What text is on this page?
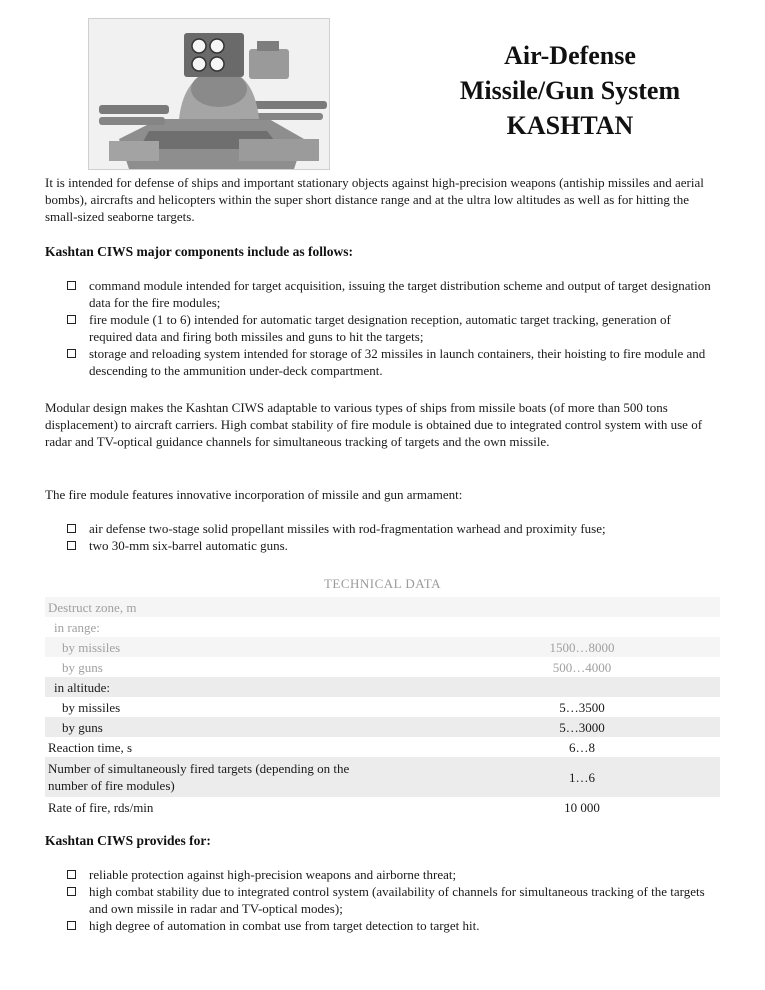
Air-Defense
Missile/Gun System
KASHTAN

It is intended for defense of ships and important stationary objects against high-precision weapons (antiship missiles and aerial bombs), aircrafts and helicopters within the super short distance range and at the ultra low altitudes as well as for hitting the small-sized seaborne targets.

Kashtan CIWS major components include as follows:

command module intended for target acquisition, issuing the target distribution scheme and output of target designation data for the fire modules;
fire module (1 to 6) intended for automatic target designation reception, automatic target tracking, generation of required data and firing both missiles and guns to hit the targets;
storage and reloading system intended for storage of 32 missiles in launch containers, their hoisting to fire module and descending to the ammunition under-deck compartment.

Modular design makes the Kashtan CIWS adaptable to various types of ships from missile boats (of more than 500 tons displacement) to aircraft carriers. High combat stability of fire module is obtained due to integrated control system with use of radar and TV-optical guidance channels for simultaneous tracking of targets and the own missile.

The fire module features innovative incorporation of missile and gun armament:

air defense two-stage solid propellant missiles with rod-fragmentation warhead and proximity fuse;
two 30-mm six-barrel automatic guns.
TECHNICAL DATA
Destruct zone, m	
in range:	
by missiles	1500…8000
by guns	500…4000
in altitude:	
by missiles	5…3500
by guns	5…3000
Reaction time, s	6…8
Number of simultaneously fired targets (depending on the number of fire modules)	1…6
Rate of fire, rds/min	10 000

Kashtan CIWS provides for:

reliable protection against high-precision weapons and airborne threat;
high combat stability due to integrated control system (availability of channels for simultaneous tracking of the targets and own missile in radar and TV-optical modes);
high degree of automation in combat use from target detection to target hit.
